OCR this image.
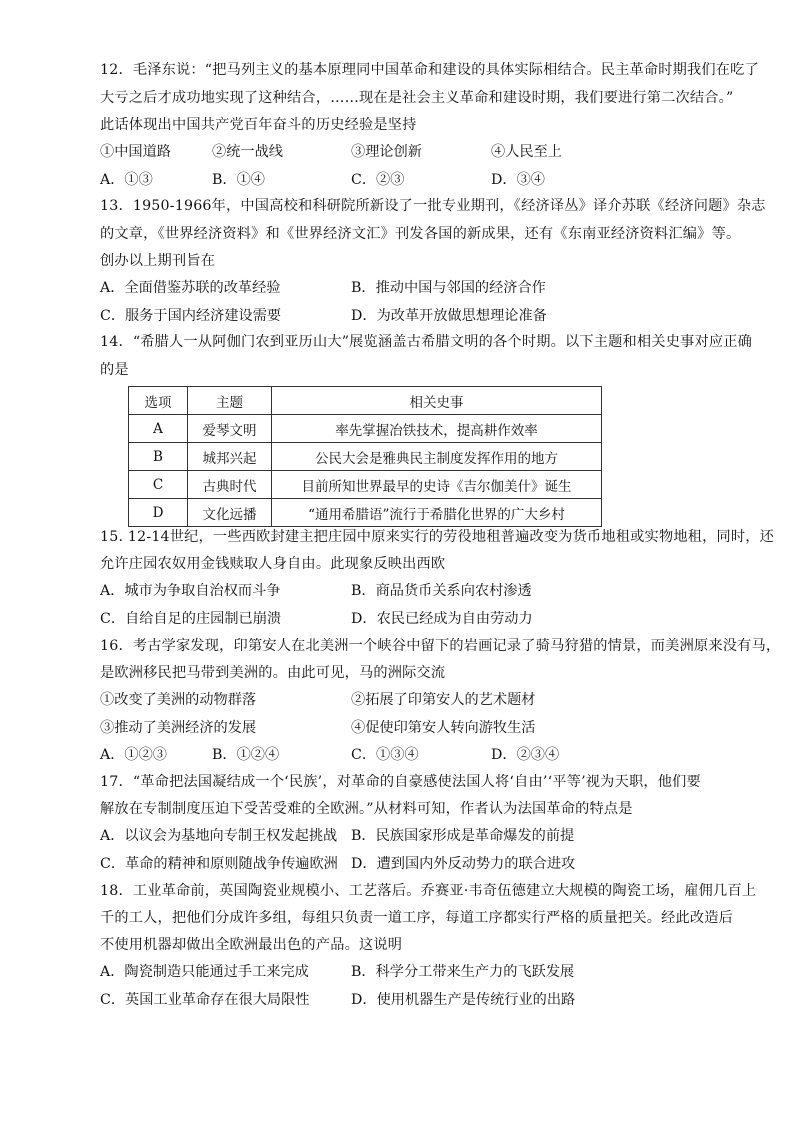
12．毛泽东说：“把马列主义的基本原理同中国革命和建设的具体实际相结合。民主革命时期我们在吃了
大亏之后才成功地实现了这种结合，……现在是社会主义革命和建设时期，我们要进行第二次结合。”
此话体现出中国共产党百年奋斗的历史经验是坚持
①中国道路	②统一战线	③理论创新	④人民至上
A．①③	B．①④	C．②③	D．③④
13．1950-1966年，中国高校和科研院所新设了一批专业期刊，《经济译丛》译介苏联《经济问题》杂志
的文章，《世界经济资料》和《世界经济文汇》刊发各国的新成果，还有《东南亚经济资料汇编》等。
创办以上期刊旨在
A．全面借鉴苏联的改革经验	B．推动中国与邻国的经济合作
C．服务于国内经济建设需要	D．为改革开放做思想理论准备
14．“希腊人一从阿伽门农到亚历山大”展览涵盖古希腊文明的各个时期。以下主题和相关史事对应正确
的是
选项	主题	相关史事
A	爱琴文明	率先掌握冶铁技术，提高耕作效率
B	城邦兴起	公民大会是雅典民主制度发挥作用的地方
C	古典时代	目前所知世界最早的史诗《吉尔伽美什》诞生
D	文化远播	“通用希腊语”流行于希腊化世界的广大乡村
15. 12-14世纪，一些西欧封建主把庄园中原来实行的劳役地租普遍改变为货币地租或实物地租，同时，还
允许庄园农奴用金钱赎取人身自由。此现象反映出西欧
A．城市为争取自治权而斗争	B．商品货币关系向农村渗透
C．自给自足的庄园制已崩溃	D．农民已经成为自由劳动力
16．考古学家发现，印第安人在北美洲一个峡谷中留下的岩画记录了骑马狩猎的情景，而美洲原来没有马，
是欧洲移民把马带到美洲的。由此可见，马的洲际交流
①改变了美洲的动物群落	②拓展了印第安人的艺术题材
③推动了美洲经济的发展	④促使印第安人转向游牧生活
A．①②③	B．①②④	C．①③④	D．②③④
17．“革命把法国凝结成一个‘民族’，对革命的自豪感使法国人将‘自由’‘平等’视为天职，他们要
解放在专制制度压迫下受苦受难的全欧洲。”从材料可知，作者认为法国革命的特点是
A．以议会为基地向专制王权发起挑战 B．民族国家形成是革命爆发的前提
C．革命的精神和原则随战争传遍欧洲 D．遭到国内外反动势力的联合进攻
18．工业革命前，英国陶瓷业规模小、工艺落后。乔赛亚·韦奇伍德建立大规模的陶瓷工场，雇佣几百上
千的工人，把他们分成许多组，每组只负责一道工序，每道工序都实行严格的质量把关。经此改造后
不使用机器却做出全欧洲最出色的产品。这说明
A．陶瓷制造只能通过手工来完成	B．科学分工带来生产力的飞跃发展
C．英国工业革命存在很大局限性	D．使用机器生产是传统行业的出路
